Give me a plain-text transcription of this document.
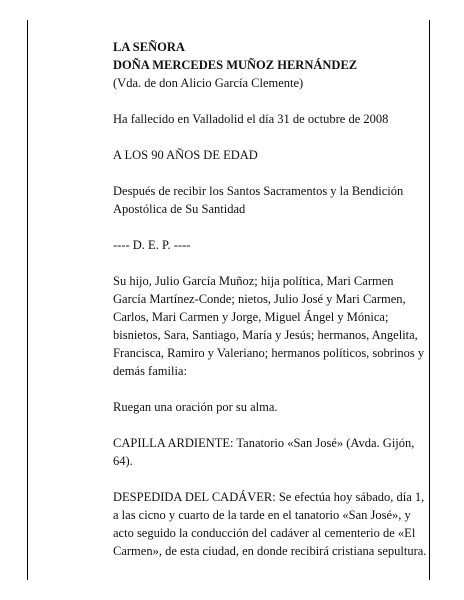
LA SEÑORA

DOÑA MERCEDES MUÑOZ HERNÁNDEZ

(Vda. de don Alicio García Clemente)

Ha fallecido en Valladolid el día 31 de octubre de 2008

A LOS 90 AÑOS DE EDAD

Después de recibir los Santos Sacramentos y la Bendición Apostólica de Su Santidad

---- D. E. P. ----

Su hijo, Julio García Muñoz; hija política, Mari Carmen García Martínez-Conde; nietos, Julio José y Mari Carmen, Carlos, Mari Carmen y Jorge, Miguel Ángel y Mónica; bisnietos, Sara, Santiago, María y Jesús; hermanos, Angelita, Francisca, Ramiro y Valeriano; hermanos políticos, sobrinos y demás familia:

Ruegan una oración por su alma.

CAPILLA ARDIENTE: Tanatorio «San José» (Avda. Gijón, 64).

DESPEDIDA DEL CADÁVER: Se efectúa hoy sábado, día 1, a las cicno y cuarto de la tarde en el tanatorio «San José», y acto seguido la conducción del cadáver al cementerio de «El Carmen», de esta ciudad, en donde recibirá cristiana sepultura.
